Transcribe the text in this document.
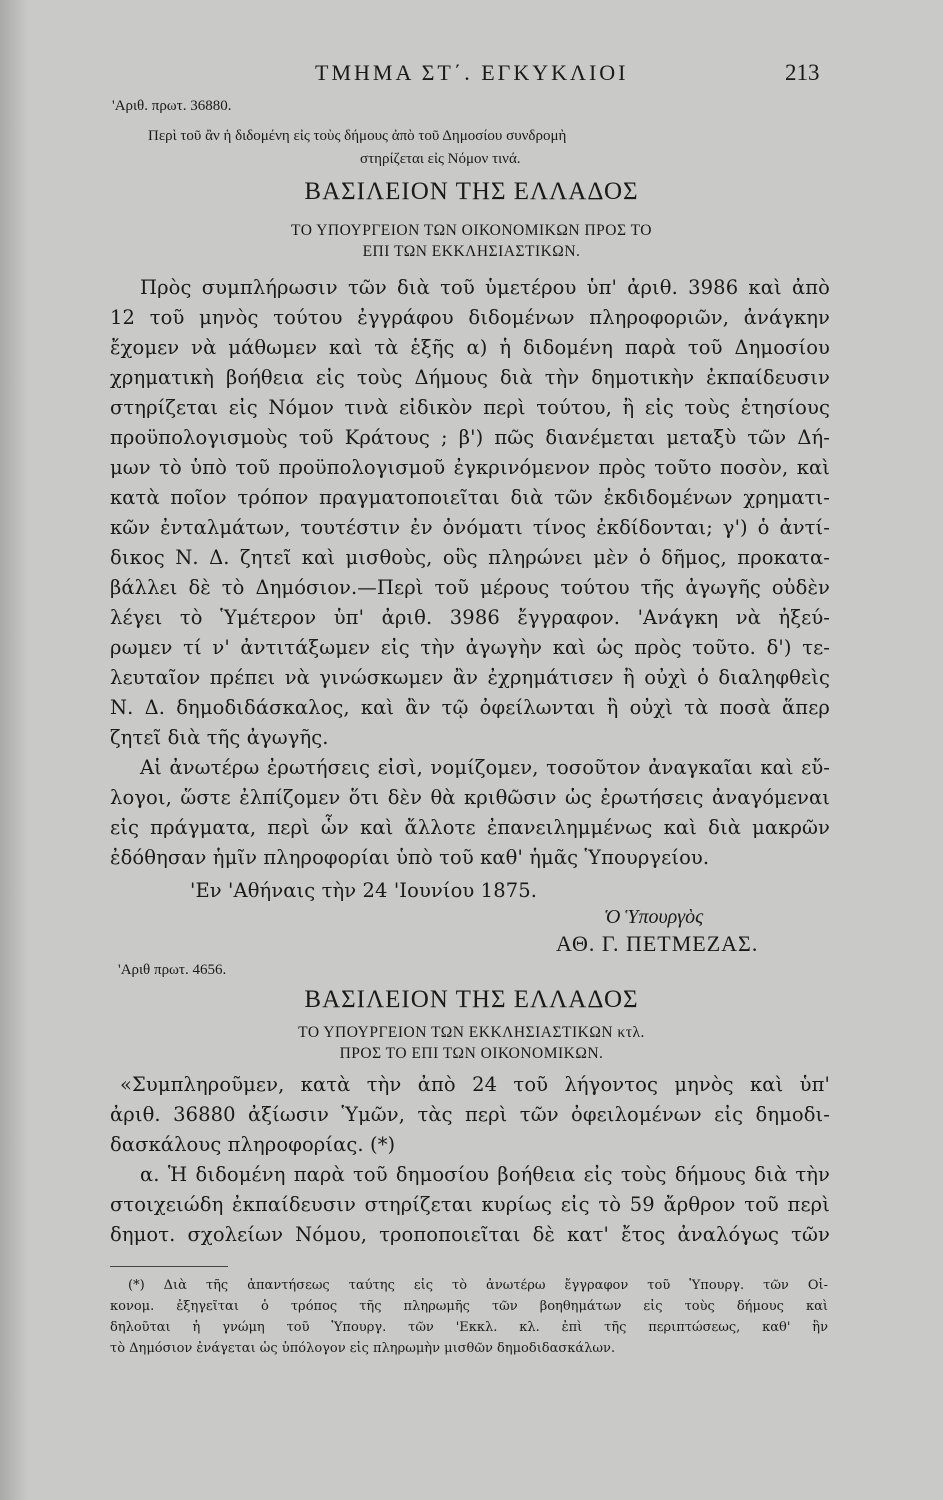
ΤΜΗΜΑ ΣΤ΄. ΕΓΚΥΚΛΙΟΙ	213
'Αριθ. πρωτ. 36880.
Περὶ τοῦ ἂν ἡ διδομένη εἰς τοὺς δήμους ἀπὸ τοῦ Δημοσίου συνδρομὴ
στηρίζεται εἰς Νόμον τινά.
ΒΑΣΙΛΕΙΟΝ ΤΗΣ ΕΛΛΑΔΟΣ
ΤΟ ΥΠΟΥΡΓΕΙΟΝ ΤΩΝ ΟΙΚΟΝΟΜΙΚΩΝ ΠΡΟΣ ΤΟ
ΕΠΙ ΤΩΝ ΕΚΚΛΗΣΙΑΣΤΙΚΩΝ.
Πρὸς συμπλήρωσιν τῶν διὰ τοῦ ὑμετέρου ὑπ' ἀριθ. 3986 καὶ ἀπὸ
12 τοῦ μηνὸς τούτου ἐγγράφου διδομένων πληροφοριῶν, ἀνάγκην
ἔχομεν νὰ μάθωμεν καὶ τὰ ἑξῆς α) ἡ διδομένη παρὰ τοῦ Δημοσίου
χρηματικὴ βοήθεια εἰς τοὺς Δήμους διὰ τὴν δημοτικὴν ἐκπαίδευσιν
στηρίζεται εἰς Νόμον τινὰ εἰδικὸν περὶ τούτου, ἢ εἰς τοὺς ἐτησίους
προϋπολογισμοὺς τοῦ Κράτους ; β') πῶς διανέμεται μεταξὺ τῶν Δή-
μων τὸ ὑπὸ τοῦ προϋπολογισμοῦ ἐγκρινόμενον πρὸς τοῦτο ποσὸν, καὶ
κατὰ ποῖον τρόπον πραγματοποιεῖται διὰ τῶν ἐκδιδομένων χρηματι-
κῶν ἐνταλμάτων, τουτέστιν ἐν ὀνόματι τίνος ἐκδίδονται; γ') ὁ ἀντί-
δικος Ν. Δ. ζητεῖ καὶ μισθοὺς, οὓς πληρώνει μὲν ὁ δῆμος, προκατα-
βάλλει δὲ τὸ Δημόσιον.—Περὶ τοῦ μέρους τούτου τῆς ἀγωγῆς οὐδὲν
λέγει τὸ Ὑμέτερον ὑπ' ἀριθ. 3986 ἔγγραφον. 'Ανάγκη νὰ ἠξεύ-
ρωμεν τί ν' ἀντιτάξωμεν εἰς τὴν ἀγωγὴν καὶ ὡς πρὸς τοῦτο. δ') τε-
λευταῖον πρέπει νὰ γινώσκωμεν ἂν ἐχρημάτισεν ἢ οὐχὶ ὁ διαληφθεὶς
Ν. Δ. δημοδιδάσκαλος, καὶ ἂν τῷ ὀφείλωνται ἢ οὐχὶ τὰ ποσὰ ἅπερ
ζητεῖ διὰ τῆς ἀγωγῆς.
Αἱ ἀνωτέρω ἐρωτήσεις εἰσὶ, νομίζομεν, τοσοῦτον ἀναγκαῖαι καὶ εὔ-
λογοι, ὥστε ἐλπίζομεν ὅτι δὲν θὰ κριθῶσιν ὡς ἐρωτήσεις ἀναγόμεναι
εἰς πράγματα, περὶ ὧν καὶ ἄλλοτε ἐπανειλημμένως καὶ διὰ μακρῶν
ἐδόθησαν ἡμῖν πληροφορίαι ὑπὸ τοῦ καθ' ἡμᾶς Ὑπουργείου.
'Εν 'Αθήναις τὴν 24 'Ιουνίου 1875.
Ὁ Ὑπουργὸς
ΑΘ. Γ. ΠΕΤΜΕΖΑΣ.
'Αριθ πρωτ. 4656.
ΒΑΣΙΛΕΙΟΝ ΤΗΣ ΕΛΛΑΔΟΣ
ΤΟ ΥΠΟΥΡΓΕΙΟΝ ΤΩΝ ΕΚΚΛΗΣΙΑΣΤΙΚΩΝ κτλ.
ΠΡΟΣ ΤΟ ΕΠΙ ΤΩΝ ΟΙΚΟΝΟΜΙΚΩΝ.
«Συμπληροῦμεν, κατὰ τὴν ἀπὸ 24 τοῦ λήγοντος μηνὸς καὶ ὑπ'
ἀριθ. 36880 ἀξίωσιν Ὑμῶν, τὰς περὶ τῶν ὀφειλομένων εἰς δημοδι-
δασκάλους πληροφορίας. (*)
α. Ἡ διδομένη παρὰ τοῦ δημοσίου βοήθεια εἰς τοὺς δήμους διὰ τὴν
στοιχειώδη ἐκπαίδευσιν στηρίζεται κυρίως εἰς τὸ 59 ἄρθρον τοῦ περὶ
δημοτ. σχολείων Νόμου, τροποποιεῖται δὲ κατ' ἔτος ἀναλόγως τῶν
(*) Διὰ τῆς ἀπαντήσεως ταύτης εἰς τὸ ἀνωτέρω ἔγγραφον τοῦ Ὑπουργ. τῶν Οἰ-
κονομ. ἐξηγεῖται ὁ τρόπος τῆς πληρωμῆς τῶν βοηθημάτων εἰς τοὺς δήμους καὶ
δηλοῦται ἡ γνώμη τοῦ Ὑπουργ. τῶν 'Εκκλ. κλ. ἐπὶ τῆς περιπτώσεως, καθ' ἣν
τὸ Δημόσιον ἐνάγεται ὡς ὑπόλογον εἰς πληρωμὴν μισθῶν δημοδιδασκάλων.
